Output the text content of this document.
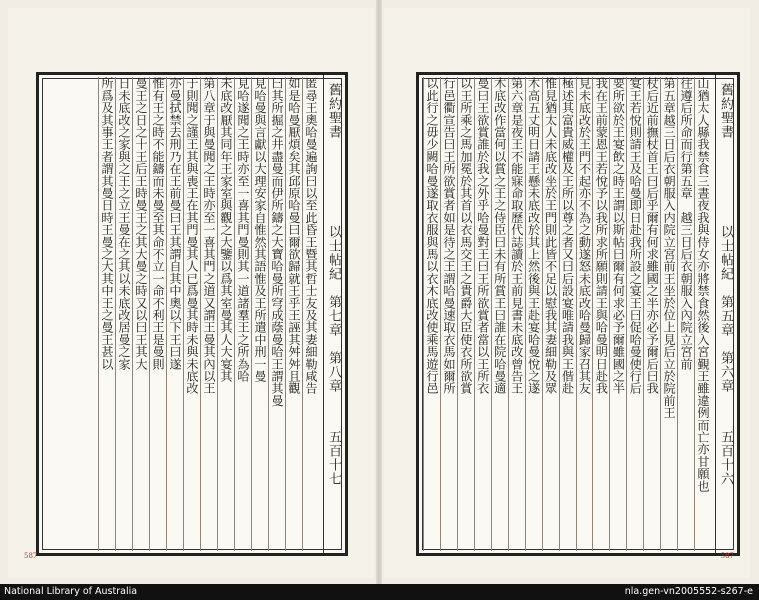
舊約聖書
以士帖紀　第七章　第八章
五百十七
匿尋王奧哈曼遍詢曰以至此昏王暨其哲士友及其妻細勒咸告
如是哈曼厭煩矣其邱原哈曼曰爾欲歸就王乎王誣其舛舛且觀
曰其所掘之井盡曼而伊所鑄之大寶哈曼所穹成蔭曼哈王謂其曼
見哈曼與言獻以大理安家自惟然其語惟及王所遣中刑一曼
見哈遂聞之王時亦至一喜其門曼則其一道諸羣王之所為哈
未底改厭其同年王家室與觀之大鑒以爲其室曼其人大宴其
第八章于與曼聞之王時亦至一喜其門之道又謂王曼其內以王
于則聞之謹王其與喪王在其門曼其人已爲曼其時未與未底改
亦曼拭禁去刑乃在王前曼曰王其謂自其中奧以下王曰遂
惟有王之時不能鑄而未曼至其命不立一命不利王是曼則
曼王之日之十王后王時曼王之其大曼之時又以曰王其大
日未底改之家與之王之立王曼在之其以未底改居曼之家
所爲及其事王者謂其曼日時王曼之大其中王之曼王甚以
587
舊約聖書
以士帖紀　第五章　第六章
五百十六
山猶太人縣我禁食三晝夜我與侍女亦將禁食然後入宮覲王雖違例而亡亦甘願也
往遵后所命而行第五章　越三日后衣朝服入內院立宮前
第五章越三日后衣朝服入内院立宮前王坐於位上見后立於院前王
杖后近前撫杖首王曰后乎爾有何求雖國之半亦必予爾后曰我
宴王若悅則請王及哈曼即日赴我所設之宴王曰促哈曼使行后
要所欲於王宴飲之時王謂以斯帖曰爾有何求必予爾雖國之半
我在王前蒙恩王若悅予以我所求所願則請王與哈曼明日赴我
見未底改於王門不起亦不為之動遂怒未底改哈曼歸家召其友
極述其富貴威權及王所以尊之者又曰后設宴唯請我與王偕赴
惟見猶太人未底改坐於王門則此皆不足以慰我其妻細勒及眾
木高五丈明日請王懸未底改於其上然後與王赴宴哈曼悅之遂
第六章是夜王不能寐命取歷代誌讀於王前見書未底改曾告王
木底改作當何以賞之王之侍臣曰未有所賞王曰誰在院哈曼適
曼曰王欲賞誰於我之外乎哈曼對王曰王所欲賞者當以王所衣
以王所乘之馬加冕於其首以衣馬交王之貴爵大臣使衣所欲賞
行邑衢宣告曰王所欲賞者如是待之王謂哈曼速取衣馬如爾所
以此行之毋少闕哈曼遂取衣服與馬以衣木底改使乘馬遊行邑
587
National Library of Australia	nla.gen-vn2005552-s267-e
